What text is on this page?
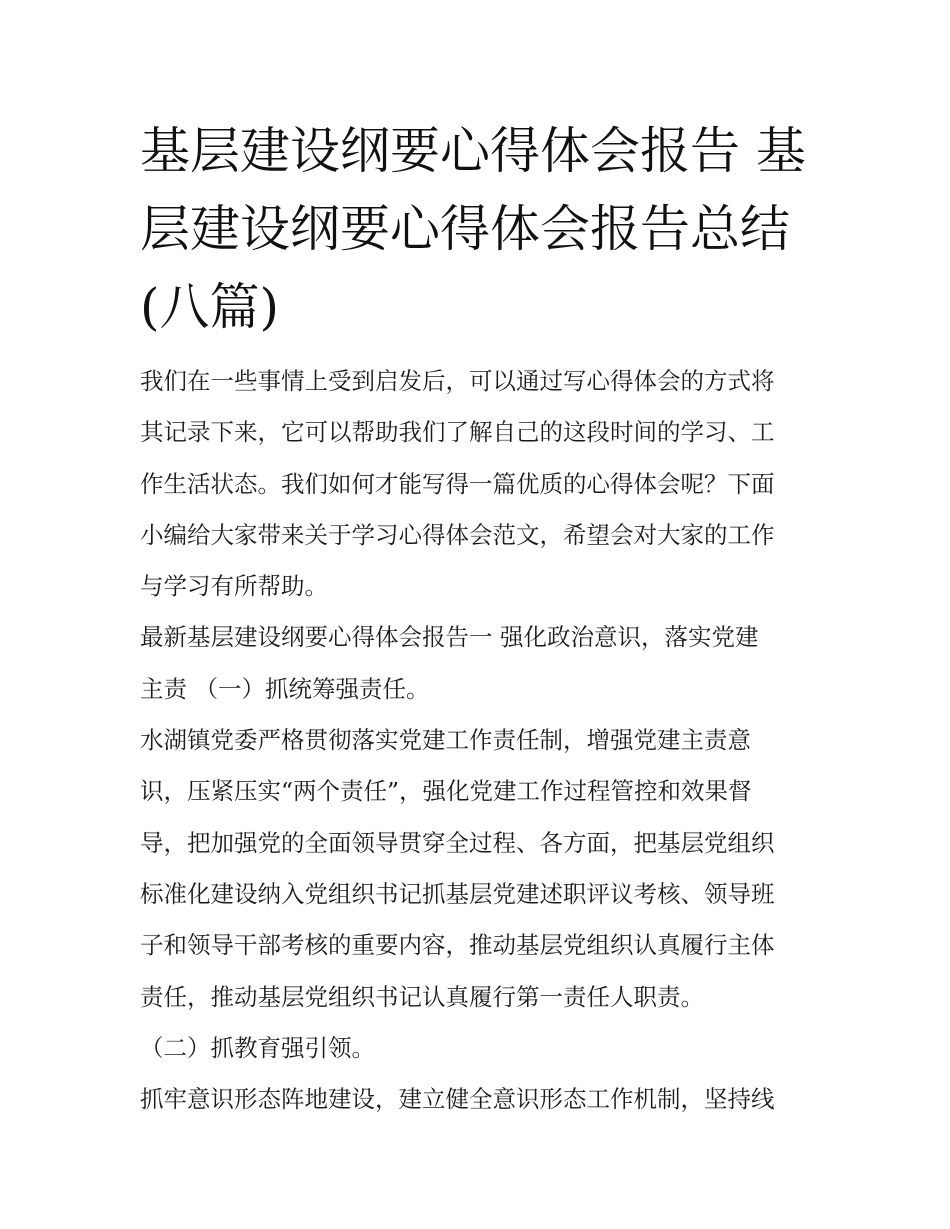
基层建设纲要心得体会报告 基
层建设纲要心得体会报告总结
(八篇)
我们在一些事情上受到启发后，可以通过写心得体会的方式将
其记录下来，它可以帮助我们了解自己的这段时间的学习、工
作生活状态。我们如何才能写得一篇优质的心得体会呢？下面
小编给大家带来关于学习心得体会范文，希望会对大家的工作
与学习有所帮助。
最新基层建设纲要心得体会报告一 强化政治意识，落实党建
主责 （一）抓统筹强责任。
水湖镇党委严格贯彻落实党建工作责任制，增强党建主责意
识，压紧压实“两个责任”，强化党建工作过程管控和效果督
导，把加强党的全面领导贯穿全过程、各方面，把基层党组织
标准化建设纳入党组织书记抓基层党建述职评议考核、领导班
子和领导干部考核的重要内容，推动基层党组织认真履行主体
责任，推动基层党组织书记认真履行第一责任人职责。
（二）抓教育强引领。
抓牢意识形态阵地建设，建立健全意识形态工作机制，坚持线
